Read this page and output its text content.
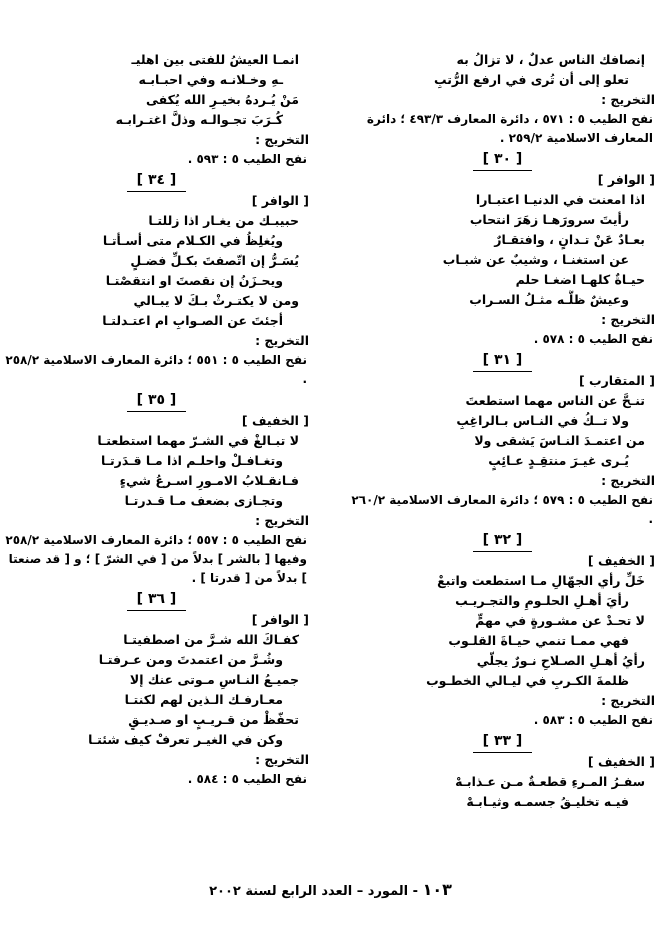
إنصافك الناس عدلٌ ، لا تزالُ به
تعلو إلى أن تُرى في ارفع الرُّتبِ
التخريج :
نفح الطيب ٥ : ٥٧١ ، دائرة المعارف ٤٩٣/٣ ؛ دائرة المعارف الاسلامية ٢٥٩/٢ .
[ ٣٠ ]
[ الوافر ]
اذا امعنت في الدنيـا اعتبـارا
رأيتَ سرورَهـا زهَرَ انتحاب
بعـادٌ عَنْ تـدانٍ ، وافتقـارٌ
عن استغنـا ، وشيبٌ عن شبـاب
حيـاةٌ كلهـا اضغـا حلم
وعيشٌ ظلُّـه مثـلُ السـراب
التخريج :
نفح الطيب ٥ : ٥٧٨ .
[ ٣١ ]
[ المتقارب ]
تنـحَّ عن الناس مهما استطعتَ
ولا تــكُ في النـاس بـالراغِبِ
من اعتمـدَ النـاسَ يَشقى ولا
يُـرى غيـرَ منتقِـدٍ عـائِبٍ
التخريج :
نفح الطيب ٥ : ٥٧٩ ؛ دائرة المعارف الاسلامية ٢٦٠/٢ .
[ ٣٢ ]
[ الخفيف ]
خَلِّ رأي الجهّالِ مـا استطعت واتبعْ
رأيَ أهـلِ الحلـومِ والتجـريـب
لا تحـدْ عن مشـورةٍ في مهمٍّ
فهي ممـا تنمي حيـاةَ القلـوب
رأيُ أهـلِ الصـلاحِ نـورٌ يجلّي
ظلمةَ الكـربِ في ليـالي الخطـوب
التخريج :
نفح الطيب ٥ : ٥٨٣ .
[ ٣٣ ]
[ الخفيف ]
سفـرُ المـرءِ قطعـةٌ مـن عـذابـهْ
فيـه تخليـقُ جسمـه وثيـابـهْ
انمـا العيشُ للفتى بين اهليـ
ـهِ وخـلانـه وفي احبـابـه
مَنْ يُـردهُ بخيـرِ الله يُكفى
كُـرَبَ تجـوالـه وذلَّ اغتـرابـه
التخريج :
نفح الطيب ٥ : ٥٩٣ .
[ ٣٤ ]
[ الوافر ]
حبيبـك من يغـار اذا زللتـا
ويُغلِظُ في الكـلام متى أسـأتـا
يُسَـرُّ إن اتّصفتَ بكـلِّ فضـلٍ
ويحـزَنُ إن نقصتَ او انتقصْتـا
ومن لا يكتـرثْ بـكَ لا يبـالي
أجئتَ عن الصـوابِ ام اعتـدلتـا
التخريج :
نفح الطيب ٥ : ٥٥١ ؛ دائرة المعارف الاسلامية ٢٥٨/٢ .
[ ٣٥ ]
[ الخفيف ]
لا تبـالغْ في الشـرّ مهما استطعتـا
وتغـافـلْ واحلـم اذا مـا قـدَرتـا
فـانقـلابُ الامـورِ اسـرعُ شيءٍ
وتجـازى بضعف مـا قـدرتـا
التخريج :
نفح الطيب ٥ : ٥٥٧ ؛ دائرة المعارف الاسلامية ٢٥٨/٢ وفيها [ بالشر ] بدلاً من [ في الشرّ ] ؛ و [ قد صنعتا ] بدلاً من [ قدرتا ] .
[ ٣٦ ]
[ الوافر ]
كفـاكَ الله شـرَّ من اصطفيتـا
وشُـرَّ من اعتمدتَ ومن عـرفتـا
جميـعُ النـاسِ مـوتى عنك إلا
معـارفـك الـذين لهم لكنتـا
تحفّظْ من قـريـبٍ او صـديـقٍ
وكن في الغيـر تعرفْ كيف شئتـا
التخريج :
نفح الطيب ٥ : ٥٨٤ .
١٠٣ - المورد – العدد الرابع لسنة ٢٠٠٢
